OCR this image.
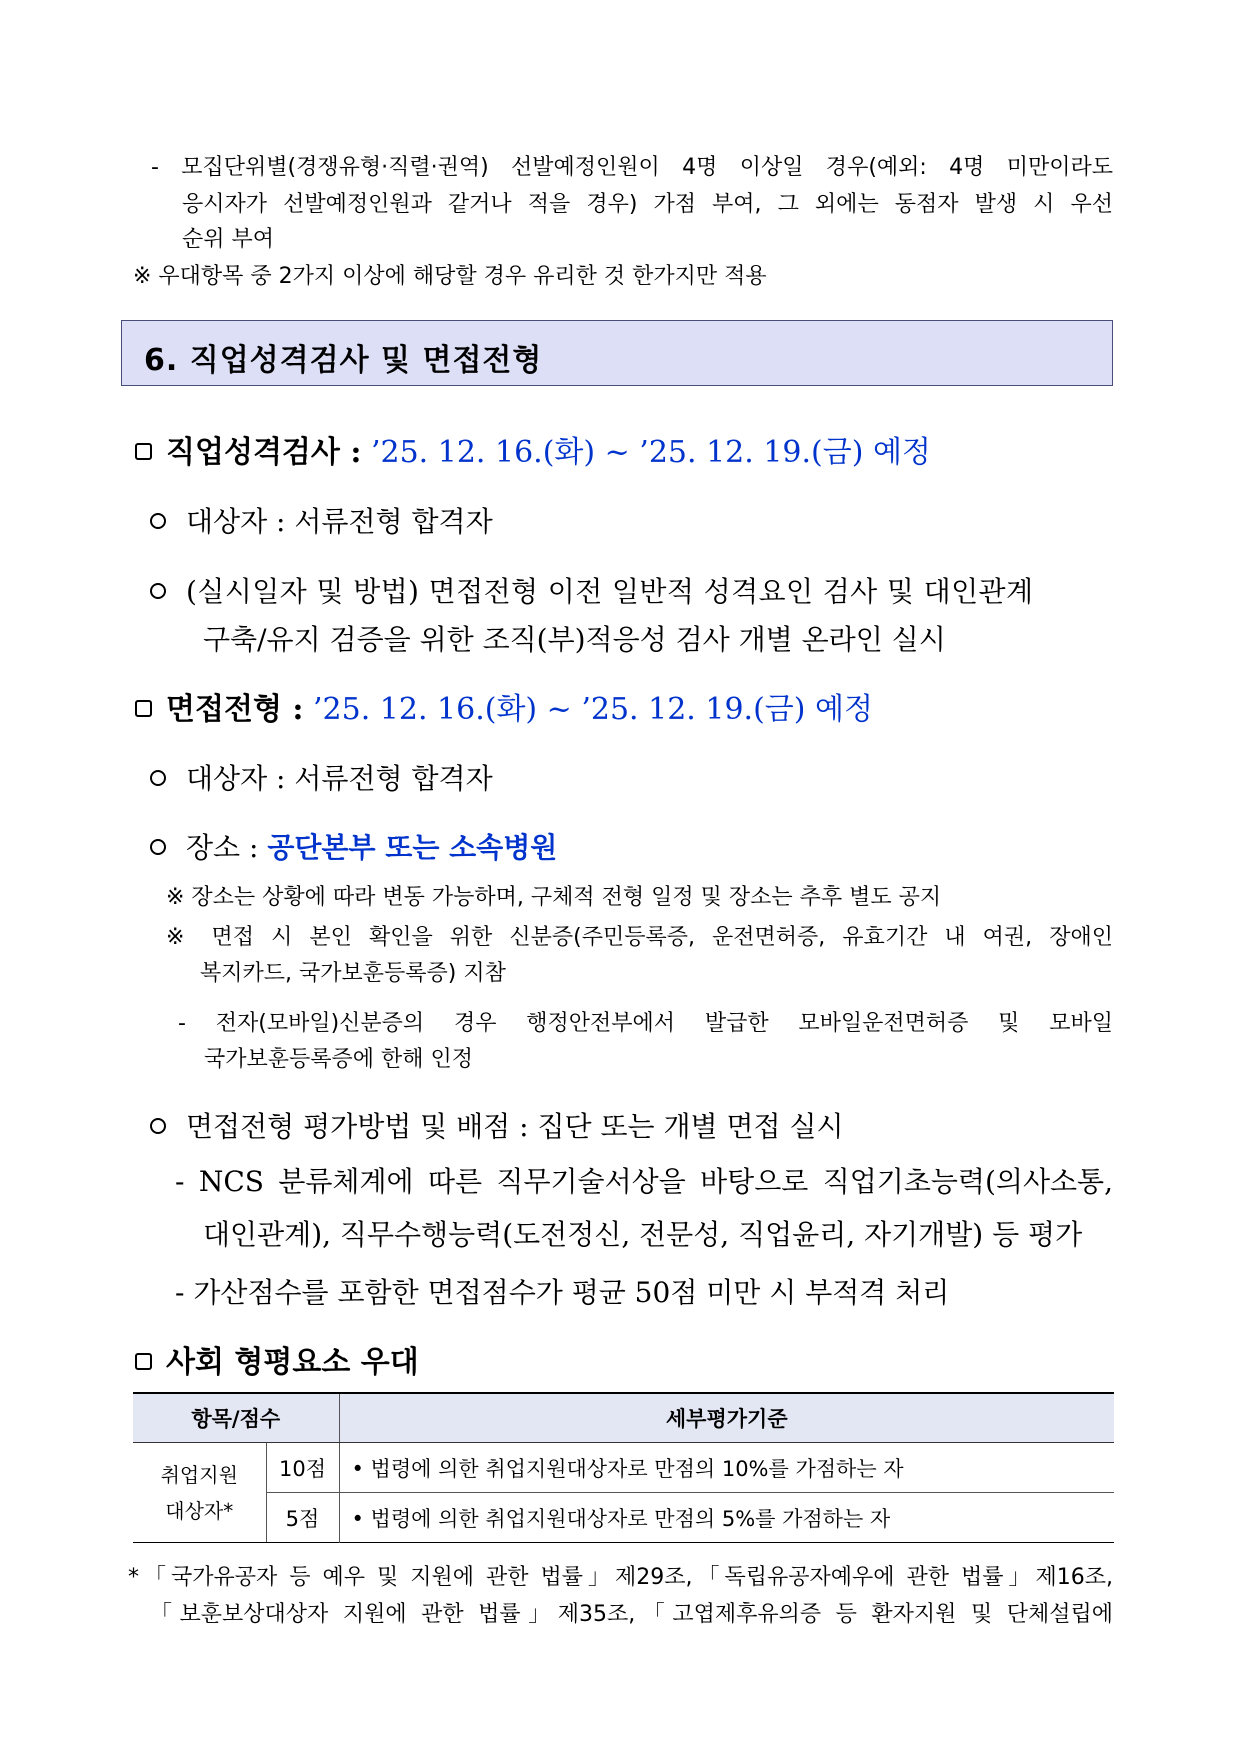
- 모집단위별(경쟁유형·직렬·권역) 선발예정인원이 4명 이상일 경우(예외: 4명 미만이라도
응시자가 선발예정인원과 같거나 적을 경우) 가점 부여, 그 외에는 동점자 발생 시 우선
순위 부여
※ 우대항목 중 2가지 이상에 해당할 경우 유리한 것 한가지만 적용
6. 직업성격검사 및 면접전형
직업성격검사 : ’25. 12. 16.(화) ~ ’25. 12. 19.(금) 예정
대상자 : 서류전형 합격자
(실시일자 및 방법) 면접전형 이전 일반적 성격요인 검사 및 대인관계
구축/유지 검증을 위한 조직(부)적응성 검사 개별 온라인 실시
면접전형 : ’25. 12. 16.(화) ~ ’25. 12. 19.(금) 예정
대상자 : 서류전형 합격자
장소 : 공단본부 또는 소속병원
※ 장소는 상황에 따라 변동 가능하며, 구체적 전형 일정 및 장소는 추후 별도 공지
※ 면접 시 본인 확인을 위한 신분증(주민등록증, 운전면허증, 유효기간 내 여권, 장애인
복지카드, 국가보훈등록증) 지참
- 전자(모바일)신분증의 경우 행정안전부에서 발급한 모바일운전면허증 및 모바일
국가보훈등록증에 한해 인정
면접전형 평가방법 및 배점 : 집단 또는 개별 면접 실시
- NCS 분류체계에 따른 직무기술서상을 바탕으로 직업기초능력(의사소통,
대인관계), 직무수행능력(도전정신, 전문성, 직업윤리, 자기개발) 등 평가
- 가산점수를 포함한 면접점수가 평균 50점 미만 시 부적격 처리
사회 형평요소 우대
항목/점수		세부평가기준
취업지원
대상자*	10점	• 법령에 의한 취업지원대상자로 만점의 10%를 가점하는 자
	5점	• 법령에 의한 취업지원대상자로 만점의 5%를 가점하는 자
*「국가유공자 등 예우 및 지원에 관한 법률」제29조,「독립유공자예우에 관한 법률」제16조,
「보훈보상대상자 지원에 관한 법률」제35조,「고엽제후유의증 등 환자지원 및 단체설립에
